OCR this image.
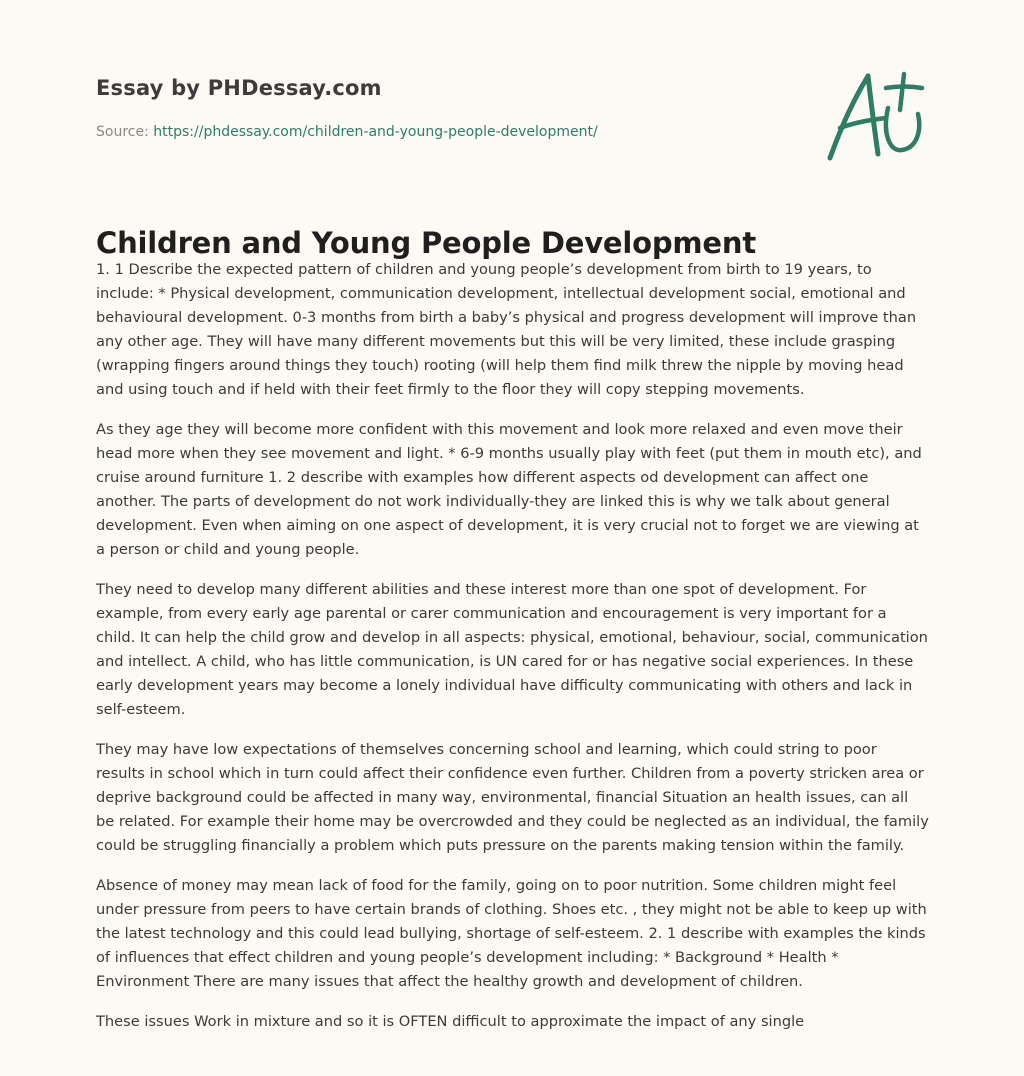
Essay by PHDessay.com
Source: https://phdessay.com/children-and-young-people-development/
Children and Young People Development

1. 1 Describe the expected pattern of children and young people’s development from birth to 19 years, to include: * Physical development, communication development, intellectual development social, emotional and behavioural development. 0-3 months from birth a baby’s physical and progress development will improve than any other age. They will have many different movements but this will be very limited, these include grasping (wrapping fingers around things they touch) rooting (will help them find milk threw the nipple by moving head and using touch and if held with their feet firmly to the floor they will copy stepping movements.

As they age they will become more confident with this movement and look more relaxed and even move their head more when they see movement and light. * 6-9 months usually play with feet (put them in mouth etc), and cruise around furniture 1. 2 describe with examples how different aspects od development can affect one another. The parts of development do not work individually-they are linked this is why we talk about general development. Even when aiming on one aspect of development, it is very crucial not to forget we are viewing at a person or child and young people.

They need to develop many different abilities and these interest more than one spot of development. For example, from every early age parental or carer communication and encouragement is very important for a child. It can help the child grow and develop in all aspects: physical, emotional, behaviour, social, communication and intellect. A child, who has little communication, is UN cared for or has negative social experiences. In these early development years may become a lonely individual have difficulty communicating with others and lack in self-esteem.

They may have low expectations of themselves concerning school and learning, which could string to poor results in school which in turn could affect their confidence even further. Children from a poverty stricken area or deprive background could be affected in many way, environmental, financial Situation an health issues, can all be related. For example their home may be overcrowded and they could be neglected as an individual, the family could be struggling financially a problem which puts pressure on the parents making tension within the family.

Absence of money may mean lack of food for the family, going on to poor nutrition. Some children might feel under pressure from peers to have certain brands of clothing. Shoes etc. , they might not be able to keep up with the latest technology and this could lead bullying, shortage of self-esteem. 2. 1 describe with examples the kinds of influences that effect children and young people’s development including: * Background * Health * Environment There are many issues that affect the healthy growth and development of children.

These issues Work in mixture and so it is OFTEN difficult to approximate the impact of any single
